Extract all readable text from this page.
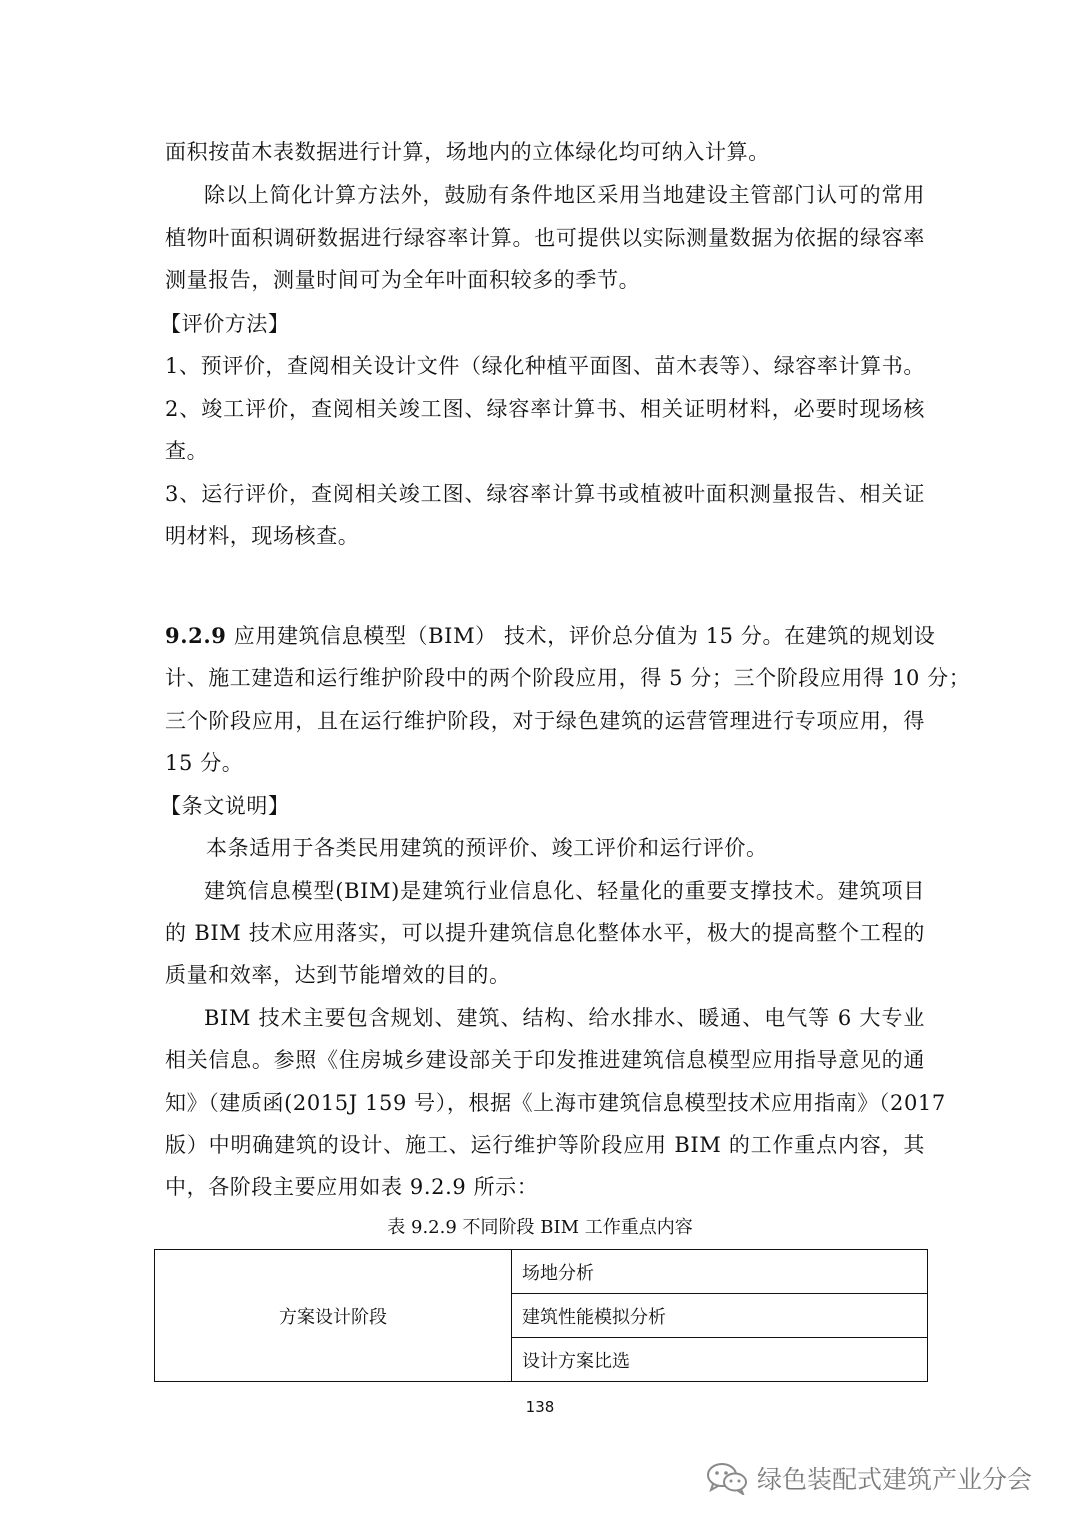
面积按苗木表数据进行计算，场地内的立体绿化均可纳入计算。
除以上简化计算方法外，鼓励有条件地区采用当地建设主管部门认可的常用
植物叶面积调研数据进行绿容率计算。也可提供以实际测量数据为依据的绿容率
测量报告，测量时间可为全年叶面积较多的季节。
【评价方法】
1、预评价，查阅相关设计文件（绿化种植平面图、苗木表等）、绿容率计算书。
2、竣工评价，查阅相关竣工图、绿容率计算书、相关证明材料，必要时现场核
查。
3、运行评价，查阅相关竣工图、绿容率计算书或植被叶面积测量报告、相关证
明材料，现场核查。
9.2.9 应用建筑信息模型（BIM） 技术，评价总分值为 15 分。在建筑的规划设
计、施工建造和运行维护阶段中的两个阶段应用，得 5 分；三个阶段应用得 10 分；
三个阶段应用，且在运行维护阶段，对于绿色建筑的运营管理进行专项应用，得
15 分。
【条文说明】
本条适用于各类民用建筑的预评价、竣工评价和运行评价。
建筑信息模型(BIM)是建筑行业信息化、轻量化的重要支撑技术。建筑项目
的 BIM 技术应用落实，可以提升建筑信息化整体水平，极大的提高整个工程的
质量和效率，达到节能增效的目的。
BIM 技术主要包含规划、建筑、结构、给水排水、暖通、电气等 6 大专业
相关信息。参照《住房城乡建设部关于印发推进建筑信息模型应用指导意见的通
知》（建质函(2015J 159 号），根据《上海市建筑信息模型技术应用指南》（2017
版）中明确建筑的设计、施工、运行维护等阶段应用 BIM 的工作重点内容，其
中，各阶段主要应用如表 9.2.9 所示：
表 9.2.9 不同阶段 BIM 工作重点内容
方案设计阶段	场地分析
建筑性能模拟分析
设计方案比选
138
绿色装配式建筑产业分会
